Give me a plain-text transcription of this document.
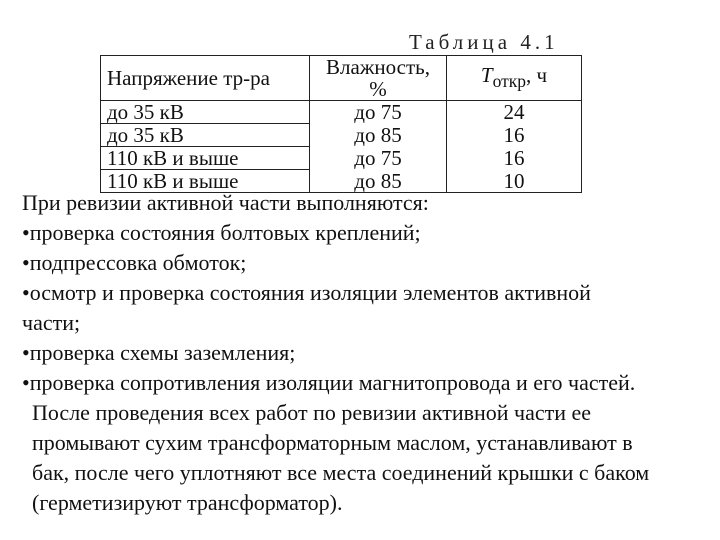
Таблица 4.1
Напряжение тр-ра	Влажность, %	$T_{откр}$, ч
до 35 кВ	до 75	24
до 35 кВ	до 85	16
110 кВ и выше	до 75	16
110 кВ и выше	до 85	10
При ревизии активной части выполняются:
•проверка состояния болтовых креплений;
•подпрессовка обмоток;
•осмотр и проверка состояния изоляции элементов активной
части;
•проверка схемы заземления;
•проверка сопротивления изоляции магнитопровода и его частей.
После проведения всех работ по ревизии активной части ее
промывают сухим трансформаторным маслом, устанавливают в
бак, после чего уплотняют все места соединений крышки с баком
(герметизируют трансформатор).
